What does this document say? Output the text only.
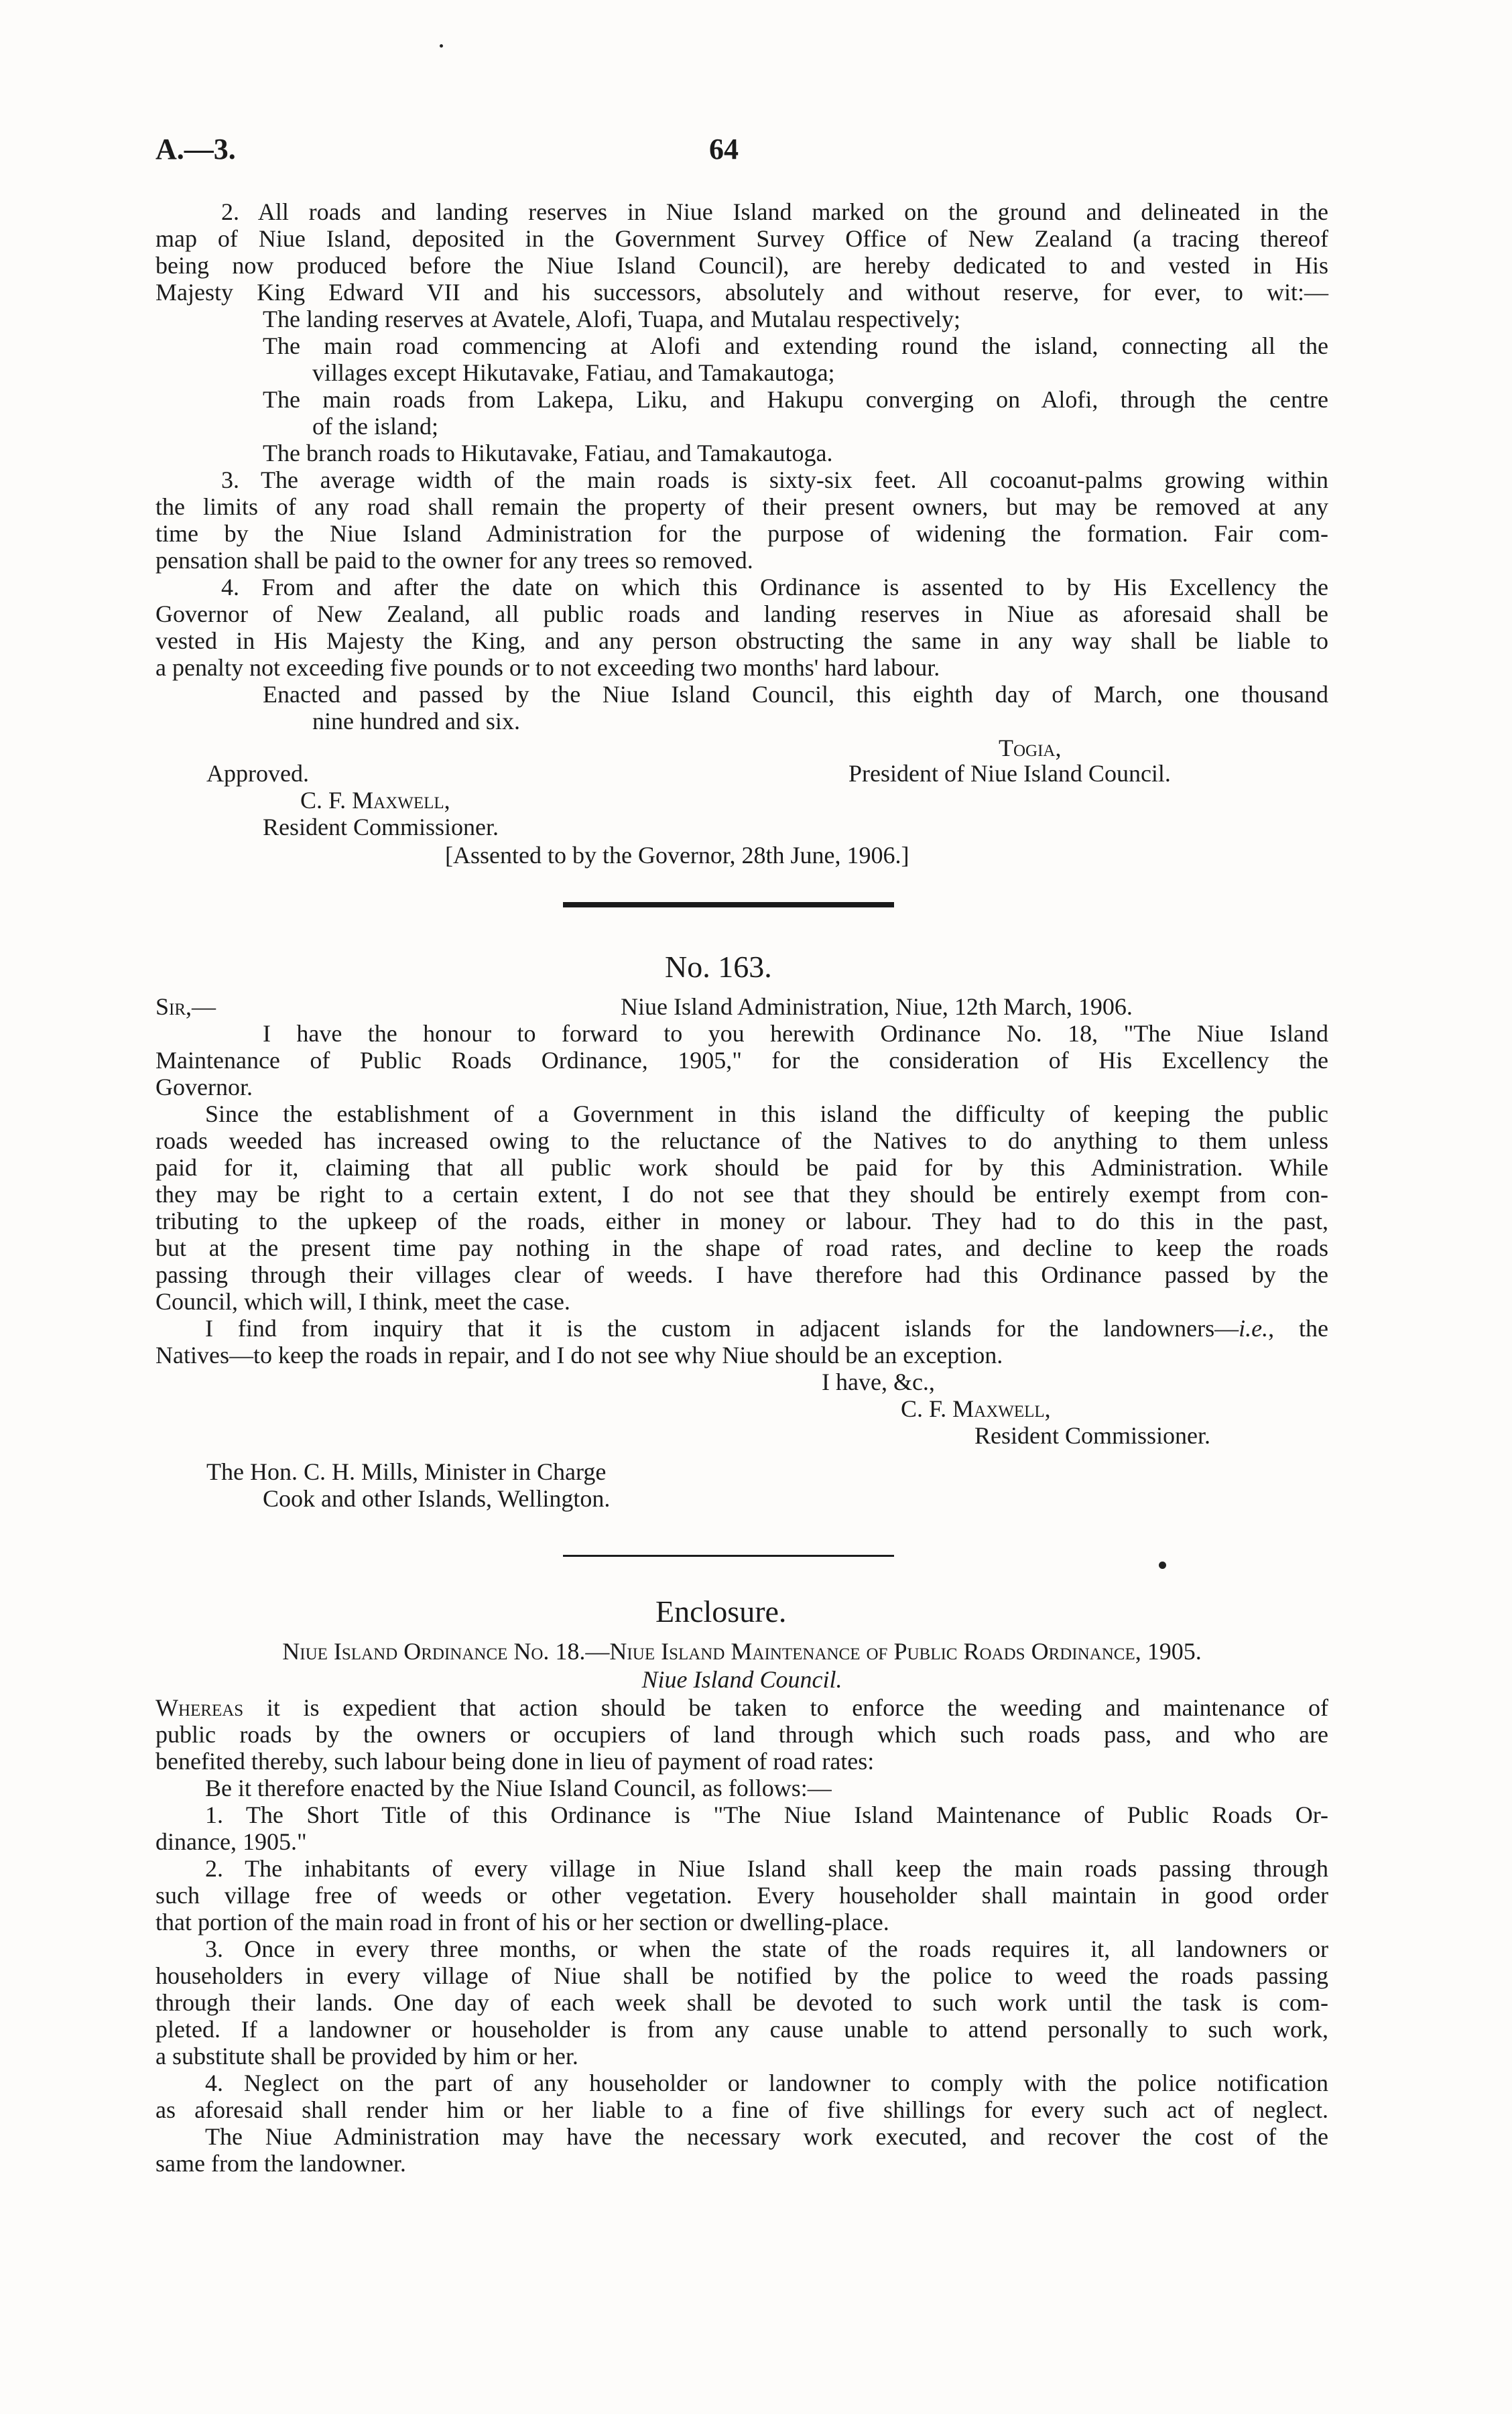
A.—3.	64
2. All roads and landing reserves in Niue Island marked on the ground and delineated in the
map of Niue Island, deposited in the Government Survey Office of New Zealand (a tracing thereof
being now produced before the Niue Island Council), are hereby dedicated to and vested in His
Majesty King Edward VII and his successors, absolutely and without reserve, for ever, to wit:—
The landing reserves at Avatele, Alofi, Tuapa, and Mutalau respectively;
The main road commencing at Alofi and extending round the island, connecting all the
villages except Hikutavake, Fatiau, and Tamakautoga;
The main roads from Lakepa, Liku, and Hakupu converging on Alofi, through the centre
of the island;
The branch roads to Hikutavake, Fatiau, and Tamakautoga.
3. The average width of the main roads is sixty-six feet. All cocoanut-palms growing within
the limits of any road shall remain the property of their present owners, but may be removed at any
time by the Niue Island Administration for the purpose of widening the formation. Fair com-
pensation shall be paid to the owner for any trees so removed.
4. From and after the date on which this Ordinance is assented to by His Excellency the
Governor of New Zealand, all public roads and landing reserves in Niue as aforesaid shall be
vested in His Majesty the King, and any person obstructing the same in any way shall be liable to
a penalty not exceeding five pounds or to not exceeding two months' hard labour.
Enacted and passed by the Niue Island Council, this eighth day of March, one thousand
nine hundred and six.
Togia,
Approved.	President of Niue Island Council.
C. F. Maxwell,
Resident Commissioner.
[Assented to by the Governor, 28th June, 1906.]
No. 163.
Sir,—	Niue Island Administration, Niue, 12th March, 1906.
I have the honour to forward to you herewith Ordinance No. 18, "The Niue Island
Maintenance of Public Roads Ordinance, 1905," for the consideration of His Excellency the
Governor.
Since the establishment of a Government in this island the difficulty of keeping the public
roads weeded has increased owing to the reluctance of the Natives to do anything to them unless
paid for it, claiming that all public work should be paid for by this Administration. While
they may be right to a certain extent, I do not see that they should be entirely exempt from con-
tributing to the upkeep of the roads, either in money or labour. They had to do this in the past,
but at the present time pay nothing in the shape of road rates, and decline to keep the roads
passing through their villages clear of weeds. I have therefore had this Ordinance passed by the
Council, which will, I think, meet the case.
I find from inquiry that it is the custom in adjacent islands for the landowners—i.e., the
Natives—to keep the roads in repair, and I do not see why Niue should be an exception.
I have, &c.,
C. F. Maxwell,
Resident Commissioner.
The Hon. C. H. Mills, Minister in Charge
Cook and other Islands, Wellington.
Enclosure.
Niue Island Ordinance No. 18.—Niue Island Maintenance of Public Roads Ordinance, 1905.
Niue Island Council.
Whereas it is expedient that action should be taken to enforce the weeding and maintenance of
public roads by the owners or occupiers of land through which such roads pass, and who are
benefited thereby, such labour being done in lieu of payment of road rates:
Be it therefore enacted by the Niue Island Council, as follows:—
1. The Short Title of this Ordinance is "The Niue Island Maintenance of Public Roads Or-
dinance, 1905."
2. The inhabitants of every village in Niue Island shall keep the main roads passing through
such village free of weeds or other vegetation. Every householder shall maintain in good order
that portion of the main road in front of his or her section or dwelling-place.
3. Once in every three months, or when the state of the roads requires it, all landowners or
householders in every village of Niue shall be notified by the police to weed the roads passing
through their lands. One day of each week shall be devoted to such work until the task is com-
pleted. If a landowner or householder is from any cause unable to attend personally to such work,
a substitute shall be provided by him or her.
4. Neglect on the part of any householder or landowner to comply with the police notification
as aforesaid shall render him or her liable to a fine of five shillings for every such act of neglect.
The Niue Administration may have the necessary work executed, and recover the cost of the
same from the landowner.
